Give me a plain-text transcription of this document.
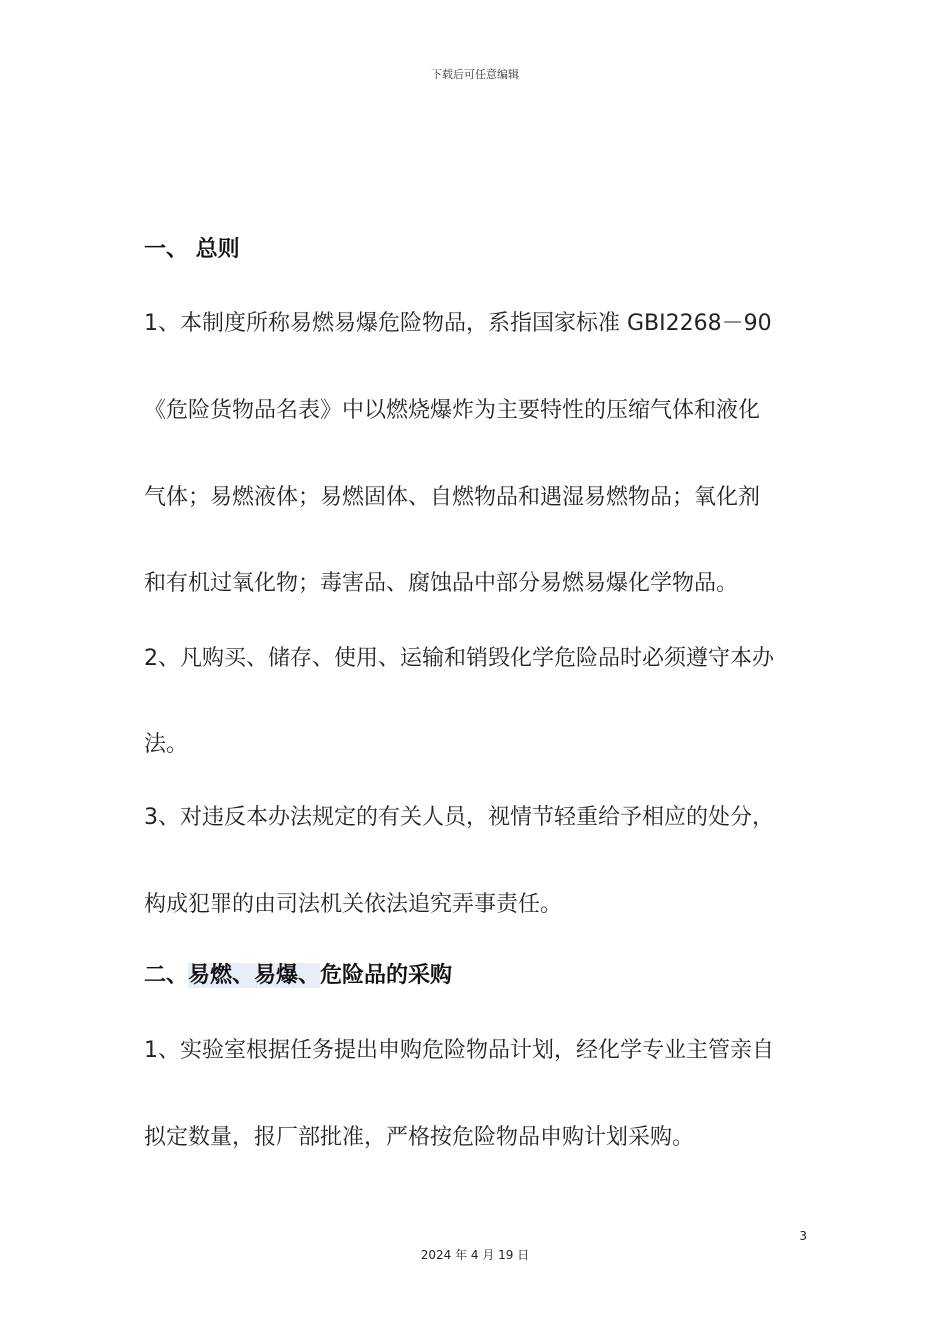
下载后可任意编辑
一、 总则
1、本制度所称易燃易爆危险物品，系指国家标准 GBI2268－90
《危险货物品名表》中以燃烧爆炸为主要特性的压缩气体和液化
气体；易燃液体；易燃固体、自燃物品和遇湿易燃物品；氧化剂
和有机过氧化物；毒害品、腐蚀品中部分易燃易爆化学物品。
2、凡购买、储存、使用、运输和销毁化学危险品时必须遵守本办
法。
3、对违反本办法规定的有关人员，视情节轻重给予相应的处分，
构成犯罪的由司法机关依法追究弄事责任。
二、易燃、易爆、危险品的采购
1、实验室根据任务提出申购危险物品计划，经化学专业主管亲自
拟定数量，报厂部批准，严格按危险物品申购计划采购。
3
2024 年 4 月 19 日
